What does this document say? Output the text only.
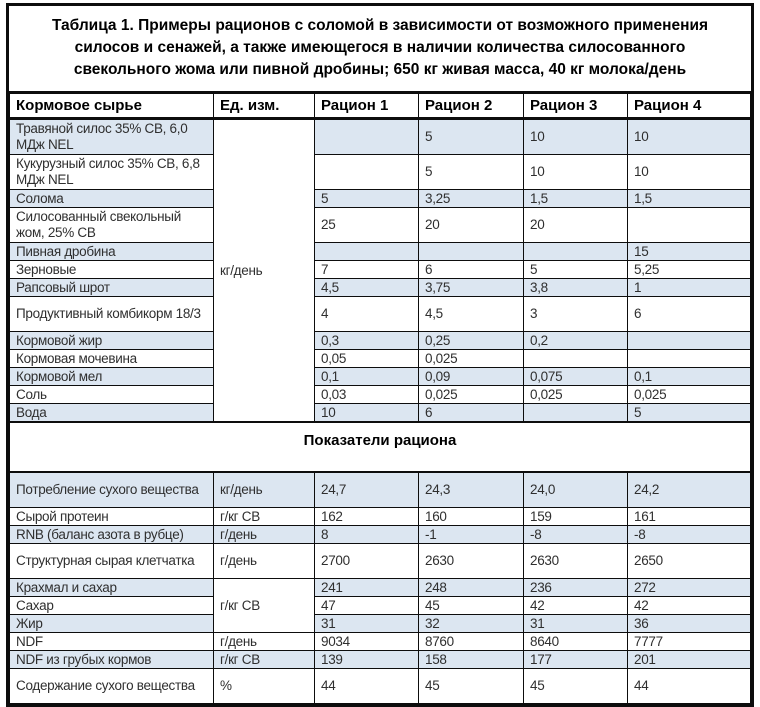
Таблица 1. Примеры рационов с соломой в зависимости от возможного применения силосов и сенажей, а также имеющегося в наличии количества силосованного свекольного жома или пивной дробины; 650 кг живая масса, 40 кг молока/день
Кормовое сырье	Ед. изм.	Рацион 1	Рацион 2	Рацион 3	Рацион 4
Травяной силос 35% СВ, 6,0 МДж NEL	кг/день		5	10	10
Кукурузный силос 35% СВ, 6,8 МДж NEL			5	10	10
Солома		5	3,25	1,5	1,5
Силосованный свекольный жом, 25% СВ		25	20	20	
Пивная дробина					15
Зерновые		7	6	5	5,25
Рапсовый шрот		4,5	3,75	3,8	1
Продуктивный комбикорм 18/3		4	4,5	3	6
Кормовой жир		0,3	0,25	0,2	
Кормовая мочевина		0,05	0,025		
Кормовой мел		0,1	0,09	0,075	0,1
Соль		0,03	0,025	0,025	0,025
Вода		10	6		5
Показатели рациона					
Потребление сухого вещества	кг/день	24,7	24,3	24,0	24,2
Сырой протеин	г/кг СВ	162	160	159	161
RNB (баланс азота в рубце)	г/день	8	-1	-8	-8
Структурная сырая клетчатка	г/день	2700	2630	2630	2650
Крахмал и сахар	г/кг СВ	241	248	236	272
Сахар		47	45	42	42
Жир		31	32	31	36
NDF	г/день	9034	8760	8640	7777
NDF из грубых кормов	г/кг СВ	139	158	177	201
Содержание сухого вещества	%	44	45	45	44
